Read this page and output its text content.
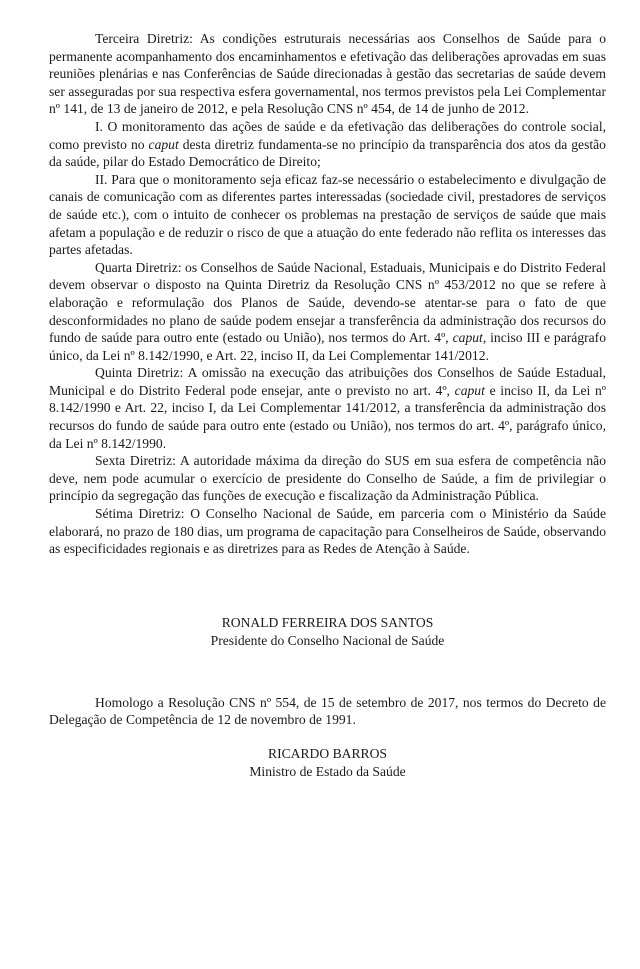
Terceira Diretriz: As condições estruturais necessárias aos Conselhos de Saúde para o permanente acompanhamento dos encaminhamentos e efetivação das deliberações aprovadas em suas reuniões plenárias e nas Conferências de Saúde direcionadas à gestão das secretarias de saúde devem ser asseguradas por sua respectiva esfera governamental, nos termos previstos pela Lei Complementar nº 141, de 13 de janeiro de 2012, e pela Resolução CNS nº 454, de 14 de junho de 2012.

I. O monitoramento das ações de saúde e da efetivação das deliberações do controle social, como previsto no caput desta diretriz fundamenta-se no princípio da transparência dos atos da gestão da saúde, pilar do Estado Democrático de Direito;

II. Para que o monitoramento seja eficaz faz-se necessário o estabelecimento e divulgação de canais de comunicação com as diferentes partes interessadas (sociedade civil, prestadores de serviços de saúde etc.), com o intuito de conhecer os problemas na prestação de serviços de saúde que mais afetam a população e de reduzir o risco de que a atuação do ente federado não reflita os interesses das partes afetadas.

Quarta Diretriz: os Conselhos de Saúde Nacional, Estaduais, Municipais e do Distrito Federal devem observar o disposto na Quinta Diretriz da Resolução CNS nº 453/2012 no que se refere à elaboração e reformulação dos Planos de Saúde, devendo-se atentar-se para o fato de que desconformidades no plano de saúde podem ensejar a transferência da administração dos recursos do fundo de saúde para outro ente (estado ou União), nos termos do Art. 4º, caput, inciso III e parágrafo único, da Lei nº 8.142/1990, e Art. 22, inciso II, da Lei Complementar 141/2012.

Quinta Diretriz: A omissão na execução das atribuições dos Conselhos de Saúde Estadual, Municipal e do Distrito Federal pode ensejar, ante o previsto no art. 4º, caput e inciso II, da Lei nº 8.142/1990 e Art. 22, inciso I, da Lei Complementar 141/2012, a transferência da administração dos recursos do fundo de saúde para outro ente (estado ou União), nos termos do art. 4º, parágrafo único, da Lei nº 8.142/1990.

Sexta Diretriz: A autoridade máxima da direção do SUS em sua esfera de competência não deve, nem pode acumular o exercício de presidente do Conselho de Saúde, a fim de privilegiar o princípio da segregação das funções de execução e fiscalização da Administração Pública.

Sétima Diretriz: O Conselho Nacional de Saúde, em parceria com o Ministério da Saúde elaborará, no prazo de 180 dias, um programa de capacitação para Conselheiros de Saúde, observando as especificidades regionais e as diretrizes para as Redes de Atenção à Saúde.

RONALD FERREIRA DOS SANTOS

Presidente do Conselho Nacional de Saúde

Homologo a Resolução CNS nº 554, de 15 de setembro de 2017, nos termos do Decreto de Delegação de Competência de 12 de novembro de 1991.

RICARDO BARROS

Ministro de Estado da Saúde
